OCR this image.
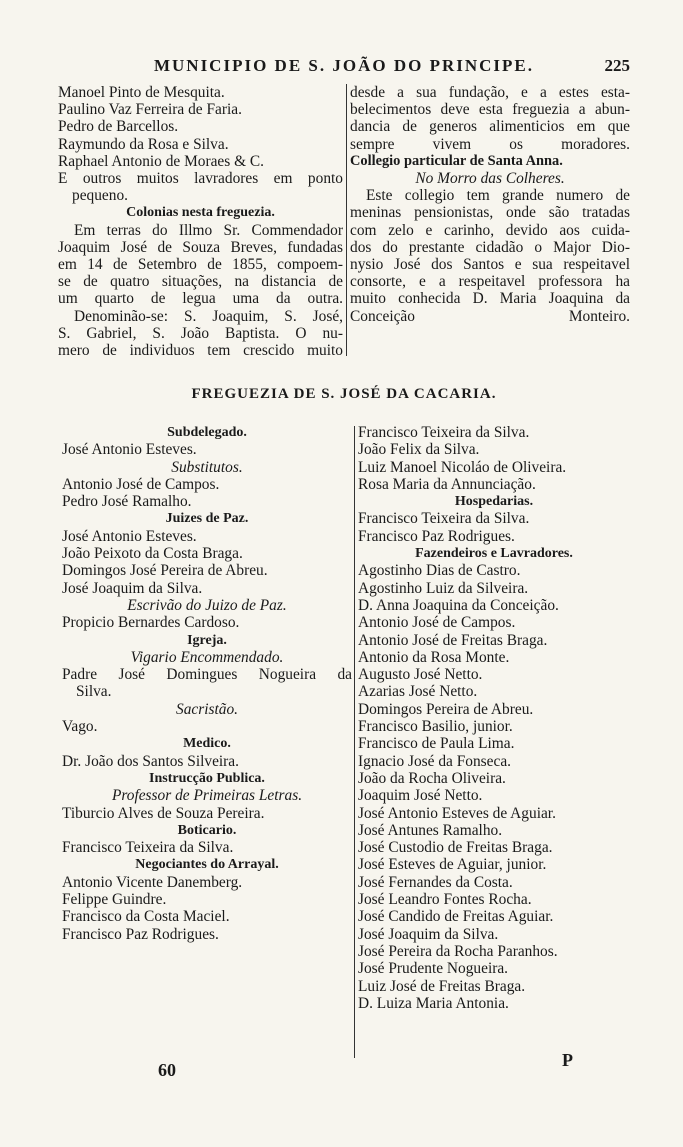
MUNICIPIO DE S. JOÃO DO PRINCIPE.	225

Manoel Pinto de Mesquita.

Paulino Vaz Ferreira de Faria.

Pedro de Barcellos.

Raymundo da Rosa e Silva.

Raphael Antonio de Moraes & C.

E outros muitos lavradores em ponto

pequeno.

Colonias nesta freguezia.

Em terras do Illmo Sr. Commendador

Joaquim José de Souza Breves, fundadas

em 14 de Setembro de 1855, compoem-

se de quatro situações, na distancia de

um quarto de legua uma da outra.

Denominão-se: S. Joaquim, S. José,

S. Gabriel, S. João Baptista. O nu-

mero de individuos tem crescido muito

desde a sua fundação, e a estes esta-

belecimentos deve esta freguezia a abun-

dancia de generos alimenticios em que

sempre vivem os moradores.

Collegio particular de Santa Anna.

No Morro das Colheres.

Este collegio tem grande numero de

meninas pensionistas, onde são tratadas

com zelo e carinho, devido aos cuida-

dos do prestante cidadão o Major Dio-

nysio José dos Santos e sua respeitavel

consorte, e a respeitavel professora ha

muito conhecida D. Maria Joaquina da

Conceição Monteiro.

FREGUEZIA DE S. JOSÉ DA CACARIA.

Subdelegado.

José Antonio Esteves.

Substitutos.

Antonio José de Campos.

Pedro José Ramalho.

Juizes de Paz.

José Antonio Esteves.

João Peixoto da Costa Braga.

Domingos José Pereira de Abreu.

José Joaquim da Silva.

Escrivão do Juizo de Paz.

Propicio Bernardes Cardoso.

Igreja.

Vigario Encommendado.

Padre José Domingues Nogueira da

Silva.

Sacristão.

Vago.

Medico.

Dr. João dos Santos Silveira.

Instrucção Publica.

Professor de Primeiras Letras.

Tiburcio Alves de Souza Pereira.

Boticario.

Francisco Teixeira da Silva.

Negociantes do Arrayal.

Antonio Vicente Danemberg.

Felippe Guindre.

Francisco da Costa Maciel.

Francisco Paz Rodrigues.

Francisco Teixeira da Silva.

João Felix da Silva.

Luiz Manoel Nicoláo de Oliveira.

Rosa Maria da Annunciação.

Hospedarias.

Francisco Teixeira da Silva.

Francisco Paz Rodrigues.

Fazendeiros e Lavradores.

Agostinho Dias de Castro.

Agostinho Luiz da Silveira.

D. Anna Joaquina da Conceição.

Antonio José de Campos.

Antonio José de Freitas Braga.

Antonio da Rosa Monte.

Augusto José Netto.

Azarias José Netto.

Domingos Pereira de Abreu.

Francisco Basilio, junior.

Francisco de Paula Lima.

Ignacio José da Fonseca.

João da Rocha Oliveira.

Joaquim José Netto.

José Antonio Esteves de Aguiar.

José Antunes Ramalho.

José Custodio de Freitas Braga.

José Esteves de Aguiar, junior.

José Fernandes da Costa.

José Leandro Fontes Rocha.

José Candido de Freitas Aguiar.

José Joaquim da Silva.

José Pereira da Rocha Paranhos.

José Prudente Nogueira.

Luiz José de Freitas Braga.

D. Luiza Maria Antonia.

60	P
